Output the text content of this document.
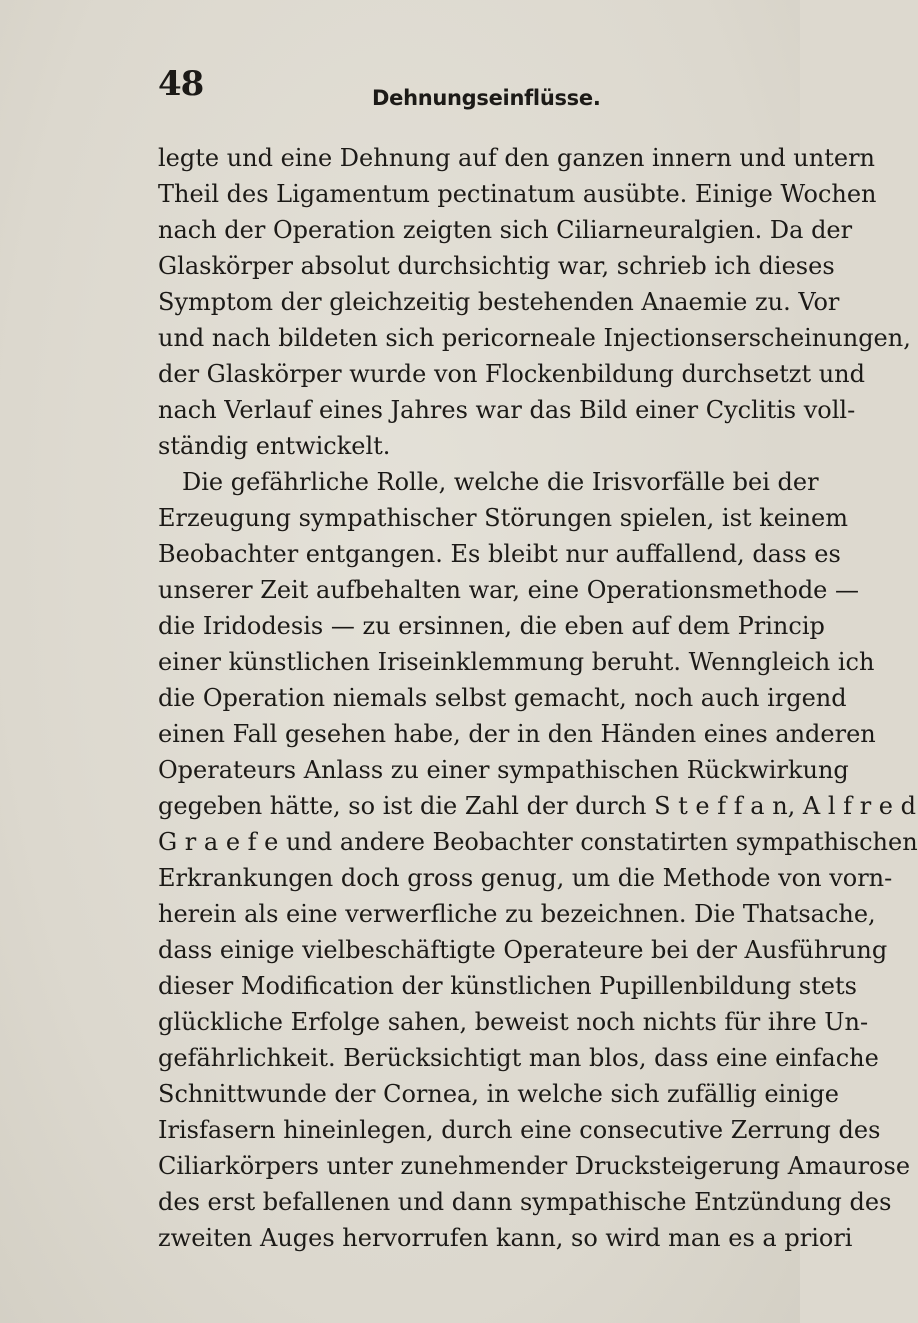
48	Dehnungseinflüsse.
legte und eine Dehnung auf den ganzen innern und untern
Theil des Ligamentum pectinatum ausübte. Einige Wochen
nach der Operation zeigten sich Ciliarneuralgien. Da der
Glaskörper absolut durchsichtig war, schrieb ich dieses
Symptom der gleichzeitig bestehenden Anaemie zu. Vor
und nach bildeten sich pericorneale Injectionserscheinungen,
der Glaskörper wurde von Flockenbildung durchsetzt und
nach Verlauf eines Jahres war das Bild einer Cyclitis voll-
ständig entwickelt.
Die gefährliche Rolle, welche die Irisvorfälle bei der
Erzeugung sympathischer Störungen spielen, ist keinem
Beobachter entgangen. Es bleibt nur auffallend, dass es
unserer Zeit aufbehalten war, eine Operationsmethode —
die Iridodesis — zu ersinnen, die eben auf dem Princip
einer künstlichen Iriseinklemmung beruht. Wenngleich ich
die Operation niemals selbst gemacht, noch auch irgend
einen Fall gesehen habe, der in den Händen eines anderen
Operateurs Anlass zu einer sympathischen Rückwirkung
gegeben hätte, so ist die Zahl der durch S t e f f a n, A l f r e d
G r a e f e und andere Beobachter constatirten sympathischen
Erkrankungen doch gross genug, um die Methode von vorn-
herein als eine verwerfliche zu bezeichnen. Die Thatsache,
dass einige vielbeschäftigte Operateure bei der Ausführung
dieser Modification der künstlichen Pupillenbildung stets
glückliche Erfolge sahen, beweist noch nichts für ihre Un-
gefährlichkeit. Berücksichtigt man blos, dass eine einfache
Schnittwunde der Cornea, in welche sich zufällig einige
Irisfasern hineinlegen, durch eine consecutive Zerrung des
Ciliarkörpers unter zunehmender Drucksteigerung Amaurose
des erst befallenen und dann sympathische Entzündung des
zweiten Auges hervorrufen kann, so wird man es a priori
